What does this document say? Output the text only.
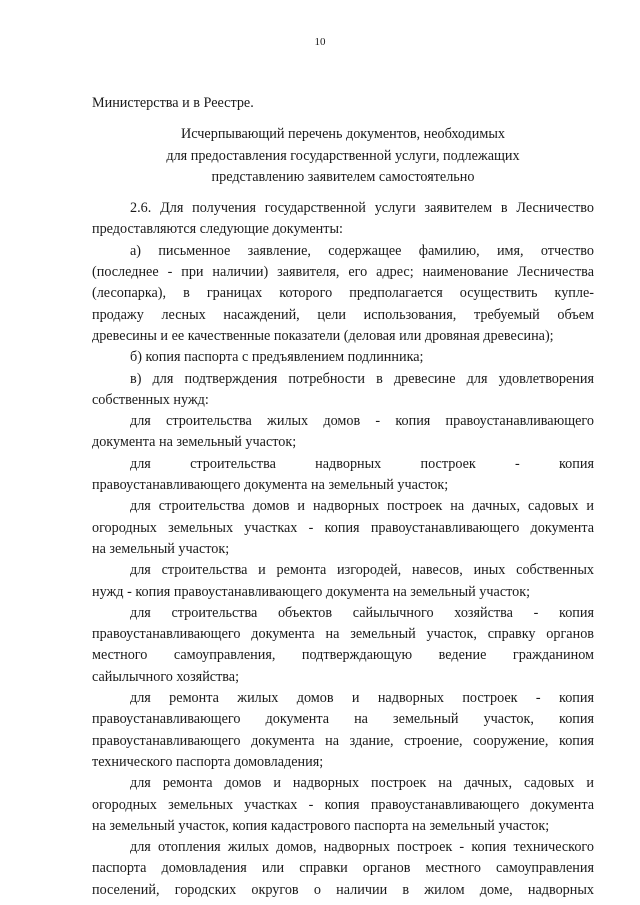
10
Министерства и в Реестре.
Исчерпывающий перечень документов, необходимых
для предоставления государственной услуги, подлежащих
представлению заявителем самостоятельно
2.6. Для получения государственной услуги заявителем в Лесничество
предоставляются следующие документы:
а) письменное заявление, содержащее фамилию, имя, отчество
(последнее - при наличии) заявителя, его адрес; наименование Лесничества
(лесопарка), в границах которого предполагается осуществить купле-
продажу лесных насаждений, цели использования, требуемый объем
древесины и ее качественные показатели (деловая или дровяная древесина);
б) копия паспорта с предъявлением подлинника;
в) для подтверждения потребности в древесине для удовлетворения
собственных нужд:
для строительства жилых домов - копия правоустанавливающего
документа на земельный участок;
для строительства надворных построек - копия
правоустанавливающего документа на земельный участок;
для строительства домов и надворных построек на дачных, садовых и
огородных земельных участках - копия правоустанавливающего документа
на земельный участок;
для строительства и ремонта изгородей, навесов, иных собственных
нужд - копия правоустанавливающего документа на земельный участок;
для строительства объектов сайылычного хозяйства - копия
правоустанавливающего документа на земельный участок, справку органов
местного самоуправления, подтверждающую ведение гражданином
сайылычного хозяйства;
для ремонта жилых домов и надворных построек - копия
правоустанавливающего документа на земельный участок, копия
правоустанавливающего документа на здание, строение, сооружение, копия
технического паспорта домовладения;
для ремонта домов и надворных построек на дачных, садовых и
огородных земельных участках - копия правоустанавливающего документа
на земельный участок, копия кадастрового паспорта на земельный участок;
для отопления жилых домов, надворных построек - копия технического
паспорта домовладения или справки органов местного самоуправления
поселений, городских округов о наличии в жилом доме, надворных
